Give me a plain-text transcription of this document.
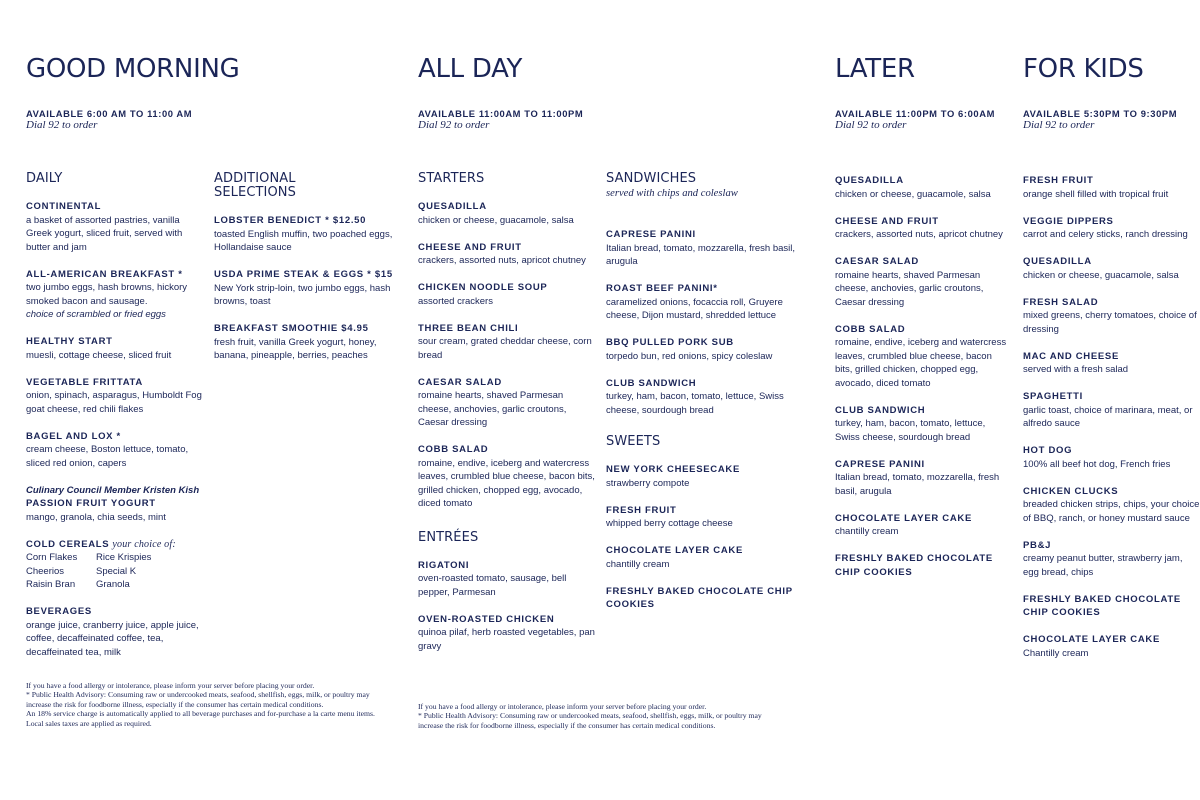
GOOD MORNING
AVAILABLE 6:00 AM TO 11:00 AM
Dial 92 to order
DAILY
CONTINENTAL
a basket of assorted pastries, vanilla Greek yogurt, sliced fruit, served with butter and jam
ALL-AMERICAN BREAKFAST *
two jumbo eggs, hash browns, hickory smoked bacon and sausage.
choice of scrambled or fried eggs
HEALTHY START
muesli, cottage cheese, sliced fruit
VEGETABLE FRITTATA
onion, spinach, asparagus, Humboldt Fog goat cheese, red chili flakes
BAGEL AND LOX *
cream cheese, Boston lettuce, tomato, sliced red onion, capers
Culinary Council Member Kristen Kish
PASSION FRUIT YOGURT
mango, granola, chia seeds, mint
COLD CEREALS your choice of:
Corn Flakes	Rice Krispies
Cheerios	Special K
Raisin Bran	Granola
BEVERAGES
orange juice, cranberry juice, apple juice, coffee, decaffeinated coffee, tea, decaffeinated tea, milk
ADDITIONAL
SELECTIONS
LOBSTER BENEDICT * $12.50
toasted English muffin, two poached eggs, Hollandaise sauce
USDA PRIME STEAK & EGGS * $15
New York strip-loin, two jumbo eggs, hash browns, toast
BREAKFAST SMOOTHIE $4.95
fresh fruit, vanilla Greek yogurt, honey, banana, pineapple, berries, peaches

If you have a food allergy or intolerance, please inform your server before placing your order.

* Public Health Advisory: Consuming raw or undercooked meats, seafood, shellfish, eggs, milk, or poultry may increase the risk for foodborne illness, especially if the consumer has certain medical conditions.

An 18% service charge is automatically applied to all beverage purchases and for-purchase a la carte menu items. Local sales taxes are applied as required.

ALL DAY
AVAILABLE 11:00AM TO 11:00PM
Dial 92 to order
STARTERS
QUESADILLA
chicken or cheese, guacamole, salsa
CHEESE AND FRUIT
crackers, assorted nuts, apricot chutney
CHICKEN NOODLE SOUP
assorted crackers
THREE BEAN CHILI
sour cream, grated cheddar cheese, corn bread
CAESAR SALAD
romaine hearts, shaved Parmesan cheese, anchovies, garlic croutons, Caesar dressing
COBB SALAD
romaine, endive, iceberg and watercress leaves, crumbled blue cheese, bacon bits, grilled chicken, chopped egg, avocado, diced tomato
ENTRÉES
RIGATONI
oven-roasted tomato, sausage, bell pepper, Parmesan
OVEN-ROASTED CHICKEN
quinoa pilaf, herb roasted vegetables, pan gravy
SANDWICHES
served with chips and coleslaw
CAPRESE PANINI
Italian bread, tomato, mozzarella, fresh basil, arugula
ROAST BEEF PANINI*
caramelized onions, focaccia roll, Gruyere cheese, Dijon mustard, shredded lettuce
BBQ PULLED PORK SUB
torpedo bun, red onions, spicy coleslaw
CLUB SANDWICH
turkey, ham, bacon, tomato, lettuce, Swiss cheese, sourdough bread
SWEETS
NEW YORK CHEESECAKE
strawberry compote
FRESH FRUIT
whipped berry cottage cheese
CHOCOLATE LAYER CAKE
chantilly cream
FRESHLY BAKED CHOCOLATE CHIP COOKIES

If you have a food allergy or intolerance, please inform your server before placing your order.

* Public Health Advisory: Consuming raw or undercooked meats, seafood, shellfish, eggs, milk, or poultry may increase the risk for foodborne illness, especially if the consumer has certain medical conditions.

LATER
AVAILABLE 11:00PM TO 6:00AM
Dial 92 to order
QUESADILLA
chicken or cheese, guacamole, salsa
CHEESE AND FRUIT
crackers, assorted nuts, apricot chutney
CAESAR SALAD
romaine hearts, shaved Parmesan cheese, anchovies, garlic croutons, Caesar dressing
COBB SALAD
romaine, endive, iceberg and watercress leaves, crumbled blue cheese, bacon bits, grilled chicken, chopped egg, avocado, diced tomato
CLUB SANDWICH
turkey, ham, bacon, tomato, lettuce, Swiss cheese, sourdough bread
CAPRESE PANINI
Italian bread, tomato, mozzarella, fresh basil, arugula
CHOCOLATE LAYER CAKE
chantilly cream
FRESHLY BAKED CHOCOLATE CHIP COOKIES
FOR KIDS
AVAILABLE 5:30PM TO 9:30PM
Dial 92 to order
FRESH FRUIT
orange shell filled with tropical fruit
VEGGIE DIPPERS
carrot and celery sticks, ranch dressing
QUESADILLA
chicken or cheese, guacamole, salsa
FRESH SALAD
mixed greens, cherry tomatoes, choice of dressing
MAC AND CHEESE
served with a fresh salad
SPAGHETTI
garlic toast, choice of marinara, meat, or alfredo sauce
HOT DOG
100% all beef hot dog, French fries
CHICKEN CLUCKS
breaded chicken strips, chips, your choice of BBQ, ranch, or honey mustard sauce
PB&J
creamy peanut butter, strawberry jam, egg bread, chips
FRESHLY BAKED CHOCOLATE CHIP COOKIES
CHOCOLATE LAYER CAKE
Chantilly cream
